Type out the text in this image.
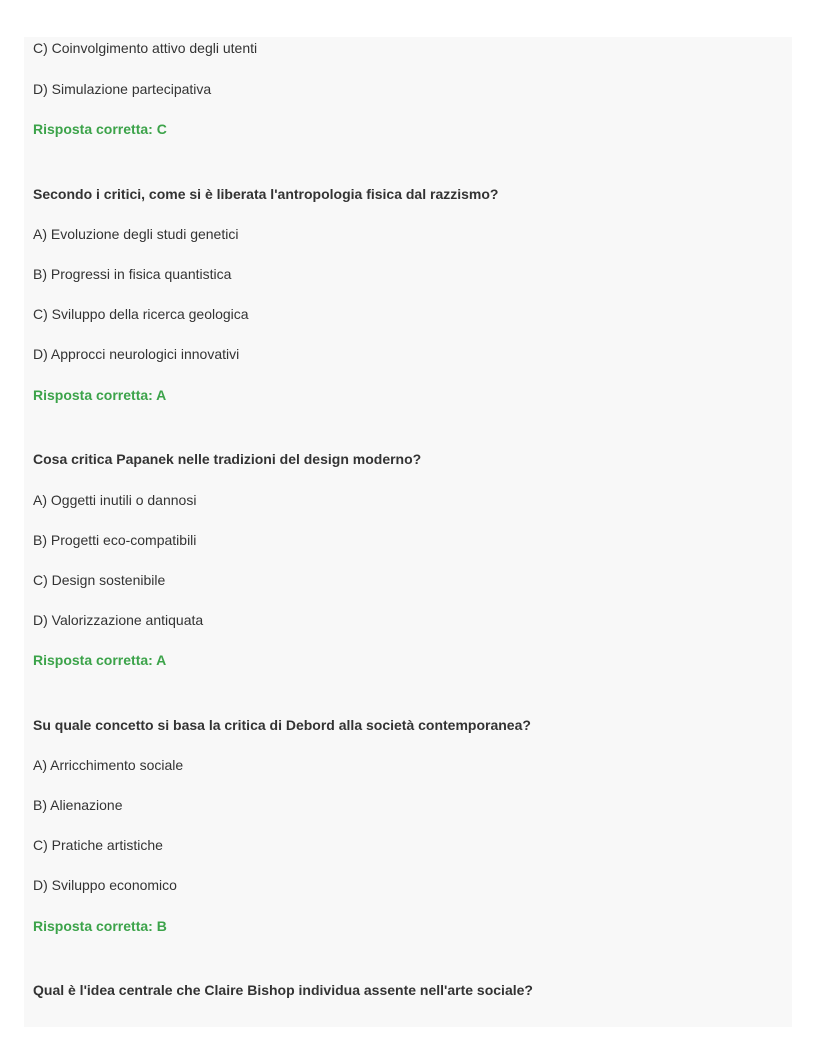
C) Coinvolgimento attivo degli utenti
D) Simulazione partecipativa
Risposta corretta: C
Secondo i critici, come si è liberata l'antropologia fisica dal razzismo?
A) Evoluzione degli studi genetici
B) Progressi in fisica quantistica
C) Sviluppo della ricerca geologica
D) Approcci neurologici innovativi
Risposta corretta: A
Cosa critica Papanek nelle tradizioni del design moderno?
A) Oggetti inutili o dannosi
B) Progetti eco-compatibili
C) Design sostenibile
D) Valorizzazione antiquata
Risposta corretta: A
Su quale concetto si basa la critica di Debord alla società contemporanea?
A) Arricchimento sociale
B) Alienazione
C) Pratiche artistiche
D) Sviluppo economico
Risposta corretta: B
Qual è l'idea centrale che Claire Bishop individua assente nell'arte sociale?
